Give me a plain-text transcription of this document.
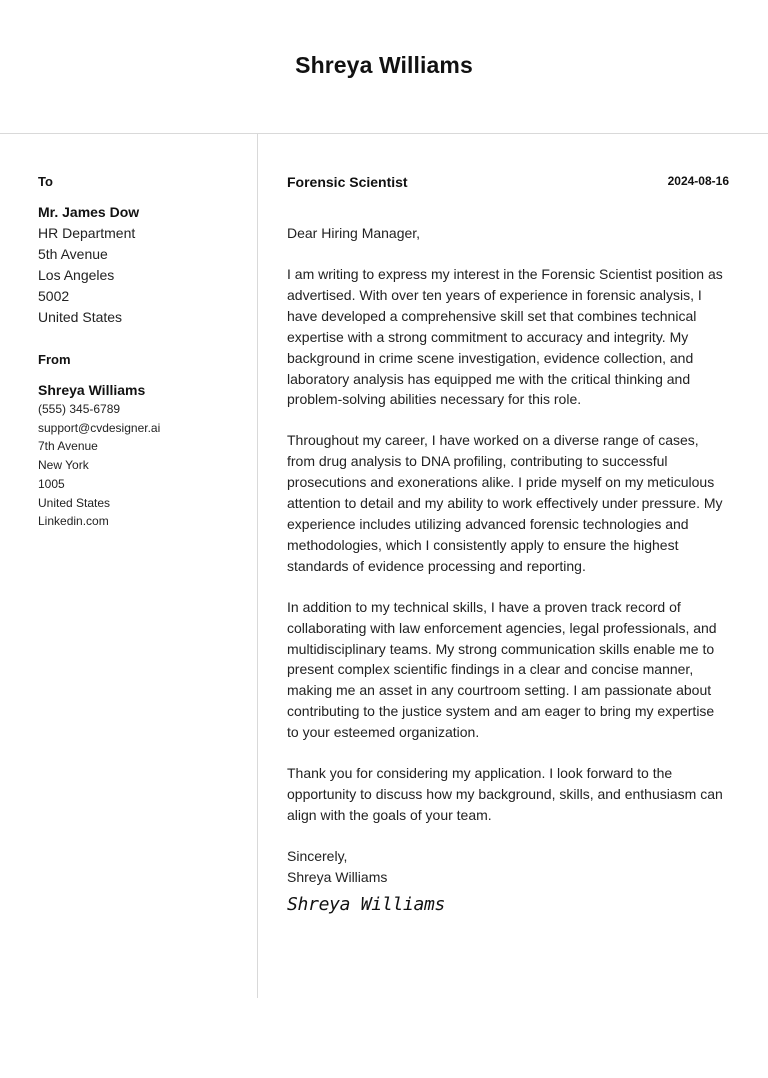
Shreya Williams
To
Mr. James Dow
HR Department
5th Avenue
Los Angeles
5002
United States
From
Shreya Williams
(555) 345-6789
support@cvdesigner.ai
7th Avenue
New York
1005
United States
Linkedin.com
Forensic Scientist	2024-08-16
Dear Hiring Manager,
I am writing to express my interest in the Forensic Scientist position as advertised. With over ten years of experience in forensic analysis, I have developed a comprehensive skill set that combines technical expertise with a strong commitment to accuracy and integrity. My background in crime scene investigation, evidence collection, and laboratory analysis has equipped me with the critical thinking and problem-solving abilities necessary for this role.
Throughout my career, I have worked on a diverse range of cases, from drug analysis to DNA profiling, contributing to successful prosecutions and exonerations alike. I pride myself on my meticulous attention to detail and my ability to work effectively under pressure. My experience includes utilizing advanced forensic technologies and methodologies, which I consistently apply to ensure the highest standards of evidence processing and reporting.
In addition to my technical skills, I have a proven track record of collaborating with law enforcement agencies, legal professionals, and multidisciplinary teams. My strong communication skills enable me to present complex scientific findings in a clear and concise manner, making me an asset in any courtroom setting. I am passionate about contributing to the justice system and am eager to bring my expertise to your esteemed organization.
Thank you for considering my application. I look forward to the opportunity to discuss how my background, skills, and enthusiasm can align with the goals of your team.
Sincerely,
Shreya Williams
Shreya Williams
